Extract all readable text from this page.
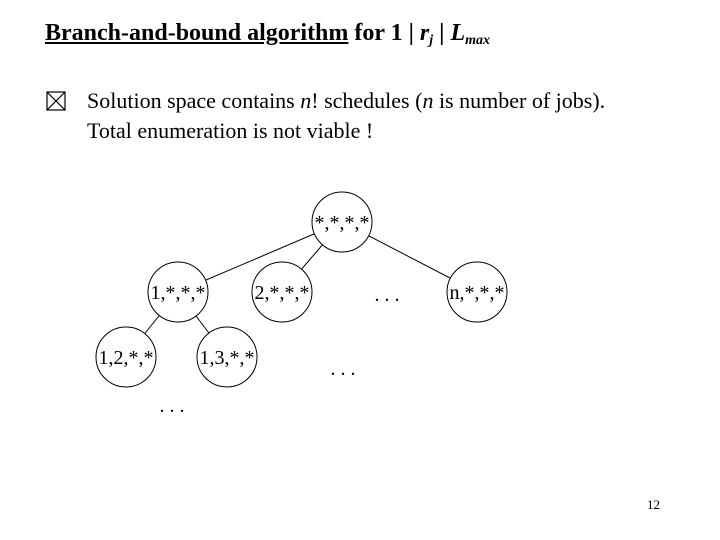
Branch-and-bound algorithm for 1 | $r_j$ | $L_{max}$
Solution space contains n! schedules (n is number of jobs).
Total enumeration is not viable !
*,*,*,*
1,*,*,* 2,*,*,*	n,*,*,*
1,2,*,* 1,3,*,*
. . .
. . .
. . .
12
